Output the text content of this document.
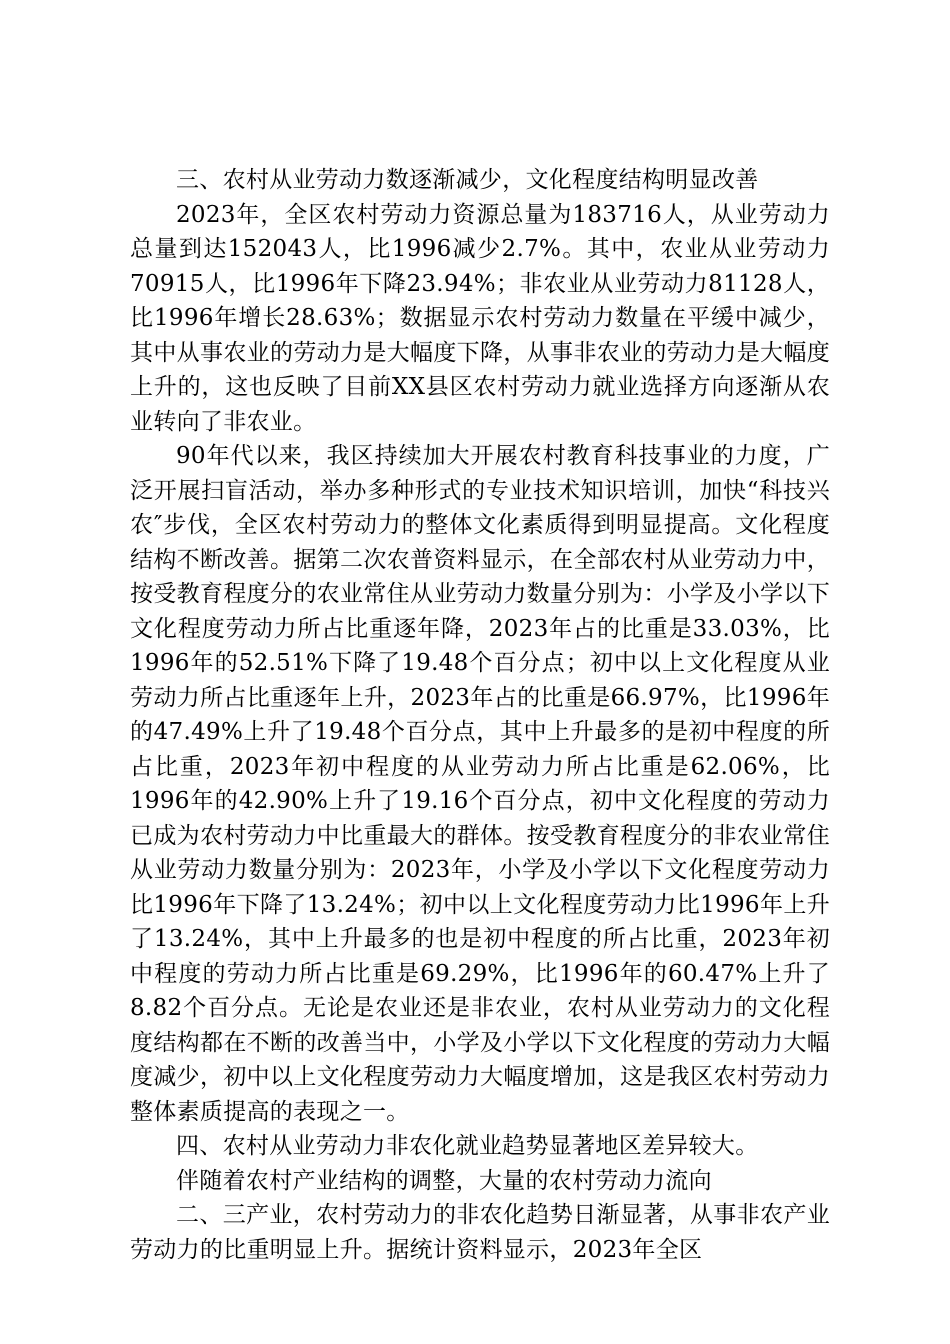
三、农村从业劳动力数逐渐减少，文化程度结构明显改善

2023年，全区农村劳动力资源总量为183716人，从业劳动力总量到达152043人，比1996减少2.7%。其中，农业从业劳动力70915人，比1996年下降23.94%；非农业从业劳动力81128人，比1996年增长28.63%；数据显示农村劳动力数量在平缓中减少，其中从事农业的劳动力是大幅度下降，从事非农业的劳动力是大幅度上升的，这也反映了目前XX县区农村劳动力就业选择方向逐渐从农业转向了非农业。

90年代以来，我区持续加大开展农村教育科技事业的力度，广泛开展扫盲活动，举办多种形式的专业技术知识培训，加快“科技兴农″步伐，全区农村劳动力的整体文化素质得到明显提高。文化程度结构不断改善。据第二次农普资料显示，在全部农村从业劳动力中，按受教育程度分的农业常住从业劳动力数量分别为：小学及小学以下文化程度劳动力所占比重逐年降，2023年占的比重是33.03%，比1996年的52.51%下降了19.48个百分点；初中以上文化程度从业劳动力所占比重逐年上升，2023年占的比重是66.97%，比1996年的47.49%上升了19.48个百分点，其中上升最多的是初中程度的所占比重，2023年初中程度的从业劳动力所占比重是62.06%，比1996年的42.90%上升了19.16个百分点，初中文化程度的劳动力已成为农村劳动力中比重最大的群体。按受教育程度分的非农业常住从业劳动力数量分别为：2023年，小学及小学以下文化程度劳动力比1996年下降了13.24%；初中以上文化程度劳动力比1996年上升了13.24%，其中上升最多的也是初中程度的所占比重，2023年初中程度的劳动力所占比重是69.29%，比1996年的60.47%上升了8.82个百分点。无论是农业还是非农业，农村从业劳动力的文化程度结构都在不断的改善当中，小学及小学以下文化程度的劳动力大幅度减少，初中以上文化程度劳动力大幅度增加，这是我区农村劳动力整体素质提高的表现之一。

四、农村从业劳动力非农化就业趋势显著地区差异较大。

伴随着农村产业结构的调整，大量的农村劳动力流向

二、三产业，农村劳动力的非农化趋势日渐显著，从事非农产业劳动力的比重明显上升。据统计资料显示，2023年全区
